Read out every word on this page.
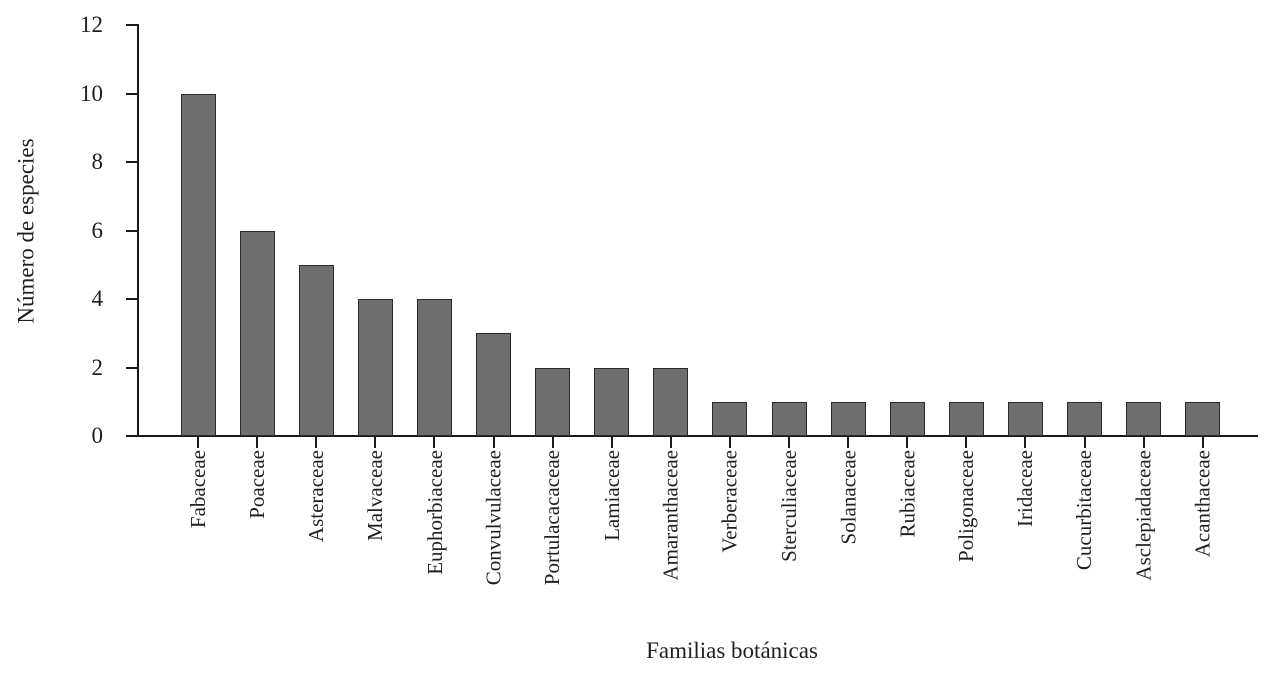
0
2
4
6
8
10
12
Fabaceae Poaceae Asteraceae Malvaceae Euphorbiaceae Convulvulaceae Portulacacaceae Lamiaceae Amaranthaceae Verberaceae Sterculiaceae Solanaceae Rubiaceae Poligonaceae Iridaceae Cucurbitaceae Asclepiadaceae Acanthaceae
Número de especies
Familias botánicas
